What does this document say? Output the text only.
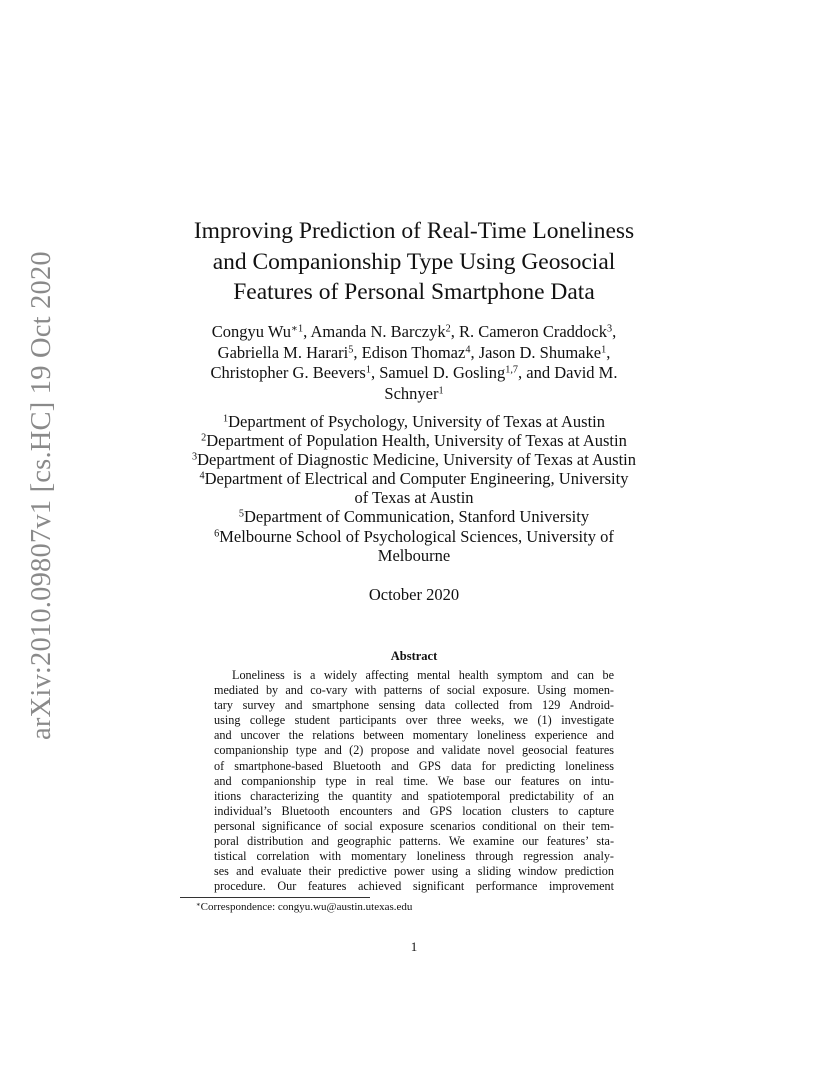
arXiv:2010.09807v1 [cs.HC] 19 Oct 2020
Improving Prediction of Real-Time Loneliness
and Companionship Type Using Geosocial
Features of Personal Smartphone Data
Congyu $Wu^{∗1}$, Amanda N. Barczyk$^2$, R. Cameron Craddock$^3$,
Gabriella M. Harari$^5$, Edison Thomaz$^4$, Jason D. Shumake$^1$,
Christopher G. Beevers$^1$, Samuel D. Gosling$^{1,7}$, and David M.
Schnyer$^1$
$^1$Department of Psychology, University of Texas at Austin
$^2$Department of Population Health, University of Texas at Austin
$^3$Department of Diagnostic Medicine, University of Texas at Austin
$^4$Department of Electrical and Computer Engineering, University
of Texas at Austin
$^5$Department of Communication, Stanford University
$^6$Melbourne School of Psychological Sciences, University of
Melbourne
October 2020
Abstract
Loneliness is a widely affecting mental health symptom and can be
mediated by and co-vary with patterns of social exposure. Using momen-
tary survey and smartphone sensing data collected from 129 Android-
using college student participants over three weeks, we (1) investigate
and uncover the relations between momentary loneliness experience and
companionship type and (2) propose and validate novel geosocial features
of smartphone-based Bluetooth and GPS data for predicting loneliness
and companionship type in real time. We base our features on intu-
itions characterizing the quantity and spatiotemporal predictability of an
individual’s Bluetooth encounters and GPS location clusters to capture
personal significance of social exposure scenarios conditional on their tem-
poral distribution and geographic patterns. We examine our features’ sta-
tistical correlation with momentary loneliness through regression analy-
ses and evaluate their predictive power using a sliding window prediction
procedure. Our features achieved significant performance improvement
∗Correspondence: congyu.wu@austin.utexas.edu
1
